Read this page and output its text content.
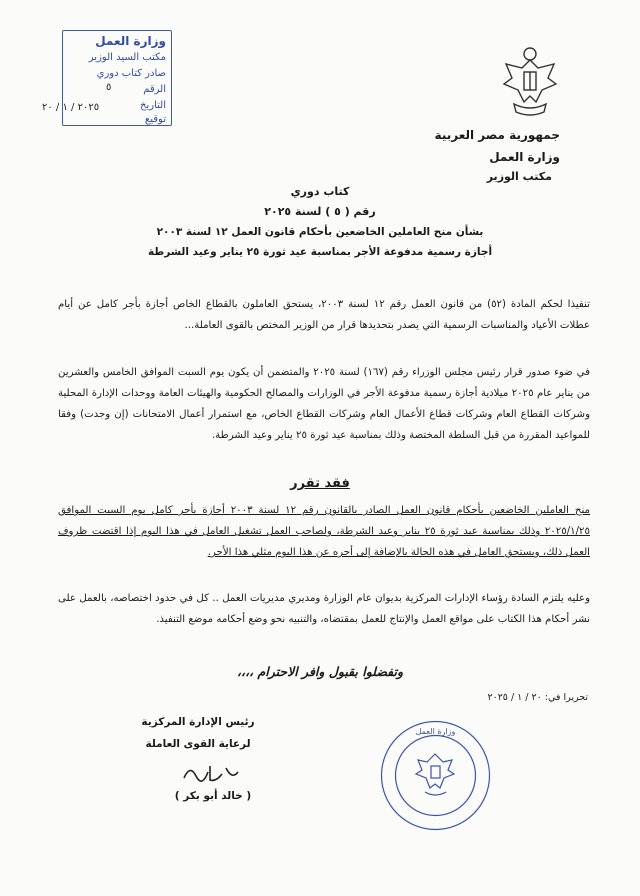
وزارة العمل
مكتب السيد الوزير
صادر كتاب دوري
الرقم
التاريخ
توقيع
٥
٢٠٢٥ / ١ / ٢٠
جمهورية مصر العربية
وزارة العمل
مكتب الوزير
كتاب دوري
رقم ( ٥ ) لسنة ٢٠٢٥
بشأن منح العاملين الخاضعين بأحكام قانون العمل ١٢ لسنة ٢٠٠٣
أجازة رسمية مدفوعة الأجر بمناسبة عيد ثورة ٢٥ يناير وعيد الشرطة
تنفيذا لحكم المادة (٥٢) من قانون العمل رقم ١٢ لسنة ٢٠٠٣، يستحق العاملون بالقطاع الخاص أجازة بأجر كامل عن أيام عطلات الأعياد والمناسبات الرسمية التي يصدر بتحديدها قرار من الوزير المختص بالقوى العاملة...
في ضوء صدور قرار رئيس مجلس الوزراء رقم (١٦٧) لسنة ٢٠٢٥ والمتضمن أن يكون يوم السبت الموافق الخامس والعشرين من يناير عام ٢٠٢٥ ميلادية أجازة رسمية مدفوعة الأجر في الوزارات والمصالح الحكومية والهيئات العامة ووحدات الإدارة المحلية وشركات القطاع العام وشركات قطاع الأعمال العام وشركات القطاع الخاص، مع استمرار أعمال الامتحانات (إن وجدت) وفقا للمواعيد المقررة من قبل السلطة المختصة وذلك بمناسبة عيد ثورة ٢٥ يناير وعيد الشرطة.
فقد تقرر
منح العاملين الخاضعين بأحكام قانون العمل الصادر بالقانون رقم ١٢ لسنة ٢٠٠٣ أجازة بأجر كامل يوم السبت الموافق ٢٠٢٥/١/٢٥ وذلك بمناسبة عيد ثورة ٢٥ يناير وعيد الشرطة، ولصاحب العمل تشغيل العامل في هذا اليوم إذا اقتضت ظروف العمل ذلك، ويستحق العامل في هذه الحالة بالإضافة إلى أجره عن هذا اليوم مثلي هذا الأجر.
وعليه يلتزم السادة رؤساء الإدارات المركزية بديوان عام الوزارة ومديري مديريات العمل .. كل في حدود اختصاصه، بالعمل على نشر أحكام هذا الكتاب على مواقع العمل والإنتاج للعمل بمقتضاه، والتنبيه نحو وضع أحكامه موضع التنفيذ.
وتفضلوا بقبول وافر الاحترام ،،،،
تحريرا في: ٢٠ / ١ / ٢٠٢٥
رئيس الإدارة المركزية
لرعاية القوى العاملة
( خالد أبو بكر )
وزارة العمل
